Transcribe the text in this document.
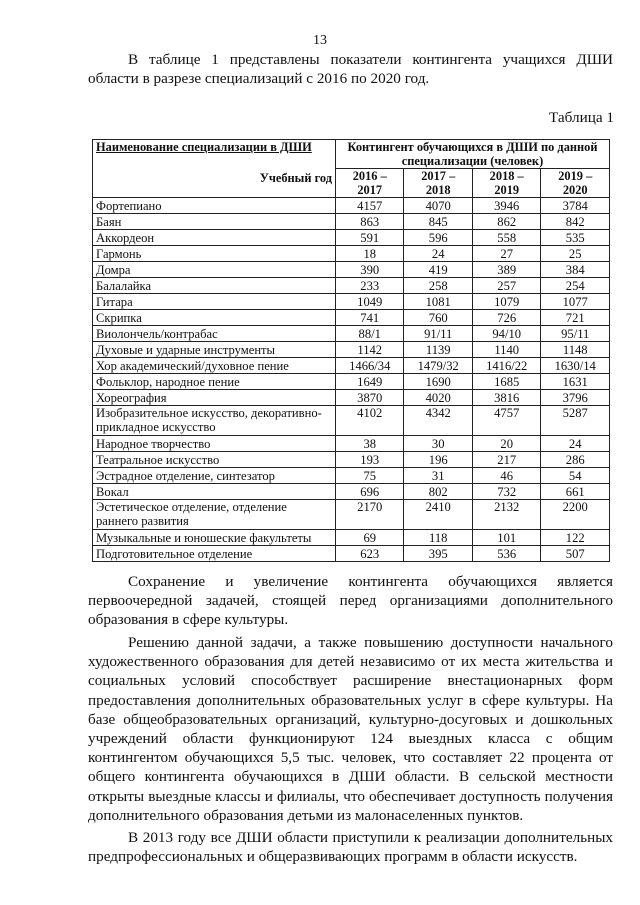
13

В таблице 1 представлены показатели контингента учащихся ДШИ области в разрезе специализаций с 2016 по 2020 год.

Таблица 1
Наименование специализации в ДШИ
Учебный год	Контингент обучающихся в ДШИ по данной специализации (человек)			
	2016 – 2017	2017 – 2018	2018 – 2019	2019 – 2020
Фортепиано	4157	4070	3946	3784
Баян	863	845	862	842
Аккордеон	591	596	558	535
Гармонь	18	24	27	25
Домра	390	419	389	384
Балалайка	233	258	257	254
Гитара	1049	1081	1079	1077
Скрипка	741	760	726	721
Виолончель/контрабас	88/1	91/11	94/10	95/11
Духовые и ударные инструменты	1142	1139	1140	1148
Хор академический/духовное пение	1466/34	1479/32	1416/22	1630/14
Фольклор, народное пение	1649	1690	1685	1631
Хореография	3870	4020	3816	3796
Изобразительное искусство, декоративно-прикладное искусство	4102	4342	4757	5287
Народное творчество	38	30	20	24
Театральное искусство	193	196	217	286
Эстрадное отделение, синтезатор	75	31	46	54
Вокал	696	802	732	661
Эстетическое отделение, отделение раннего развития	2170	2410	2132	2200
Музыкальные и юношеские факультеты	69	118	101	122
Подготовительное отделение	623	395	536	507

Сохранение и увеличение контингента обучающихся является первоочередной задачей, стоящей перед организациями дополнительного образования в сфере культуры.

Решению данной задачи, а также повышению доступности начального художественного образования для детей независимо от их места жительства и социальных условий способствует расширение внестационарных форм предоставления дополнительных образовательных услуг в сфере культуры. На базе общеобразовательных организаций, культурно-досуговых и дошкольных учреждений области функционируют 124 выездных класса с общим контингентом обучающихся 5,5 тыс. человек, что составляет 22 процента от общего контингента обучающихся в ДШИ области. В сельской местности открыты выездные классы и филиалы, что обеспечивает доступность получения дополнительного образования детьми из малонаселенных пунктов.

В 2013 году все ДШИ области приступили к реализации дополнительных предпрофессиональных и общеразвивающих программ в области искусств.
